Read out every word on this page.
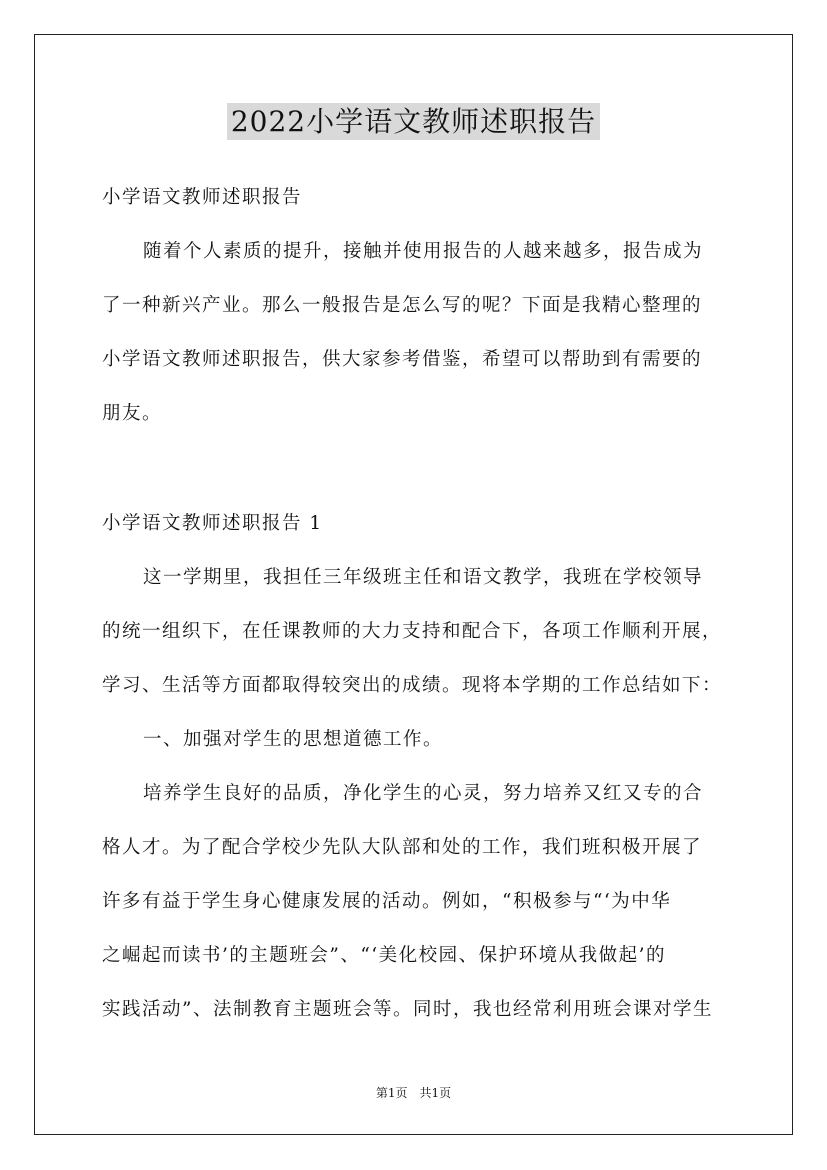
2022小学语文教师述职报告
小学语文教师述职报告
随着个人素质的提升，接触并使用报告的人越来越多，报告成为
了一种新兴产业。那么一般报告是怎么写的呢？下面是我精心整理的
小学语文教师述职报告，供大家参考借鉴，希望可以帮助到有需要的
朋友。
小学语文教师述职报告 1
这一学期里，我担任三年级班主任和语文教学，我班在学校领导
的统一组织下，在任课教师的大力支持和配合下，各项工作顺利开展，
学习、生活等方面都取得较突出的成绩。现将本学期的工作总结如下：
一、加强对学生的思想道德工作。
培养学生良好的品质，净化学生的心灵，努力培养又红又专的合
格人才。为了配合学校少先队大队部和处的工作，我们班积极开展了
许多有益于学生身心健康发展的活动。例如，“积极参与“‘为中华
之崛起而读书’的主题班会”、“‘美化校园、保护环境从我做起’的
实践活动”、法制教育主题班会等。同时，我也经常利用班会课对学生
第1页　共1页
